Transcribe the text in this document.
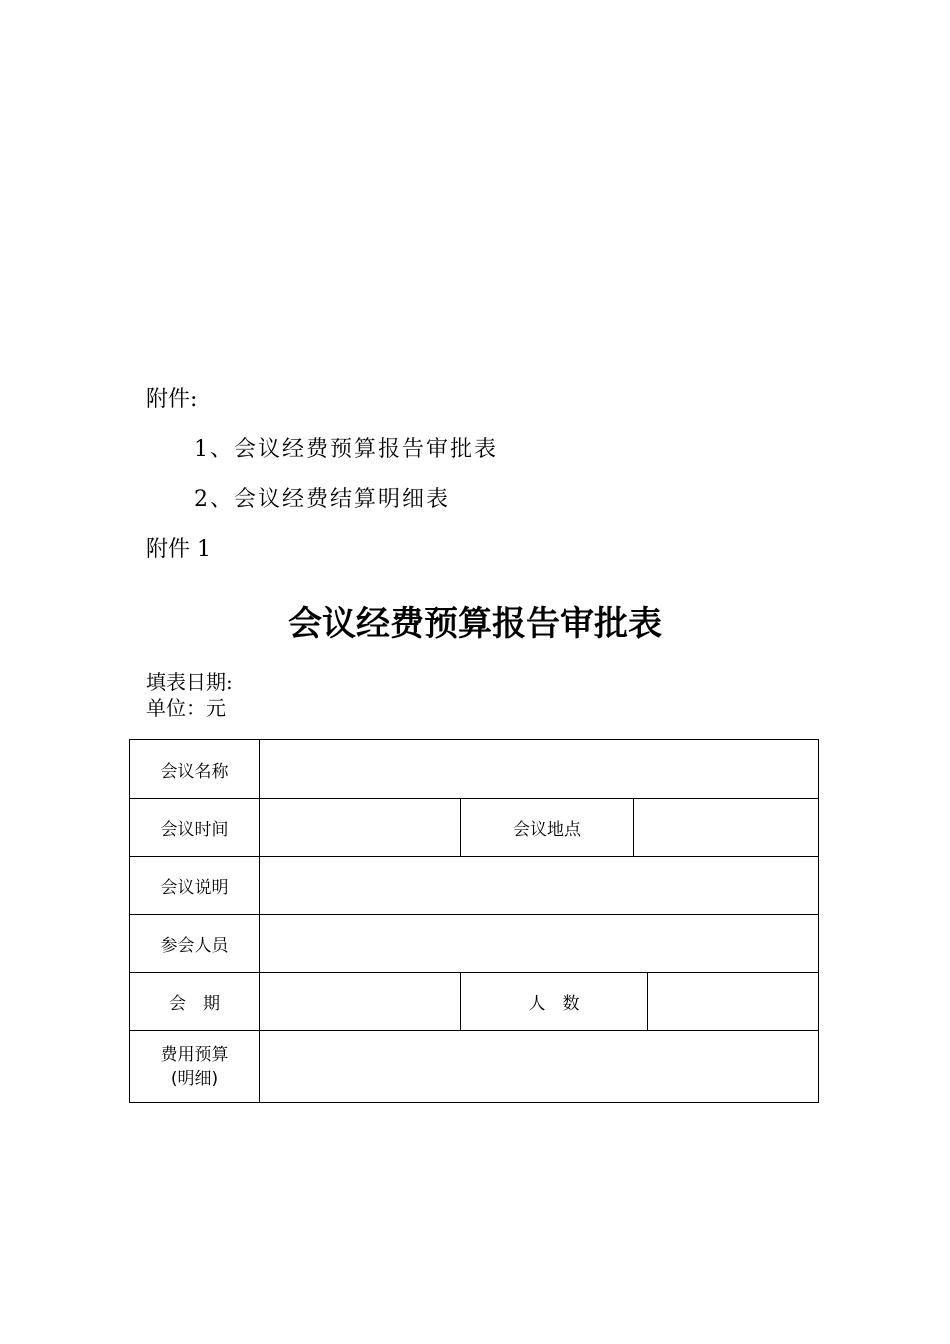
附件:
1、会议经费预算报告审批表
2、会议经费结算明细表
附件 1
会议经费预算报告审批表
填表日期:
单位：元
会议名称
会议时间	会议地点
会议说明
参会人员
会　期	人　数
费用预算
(明细)
